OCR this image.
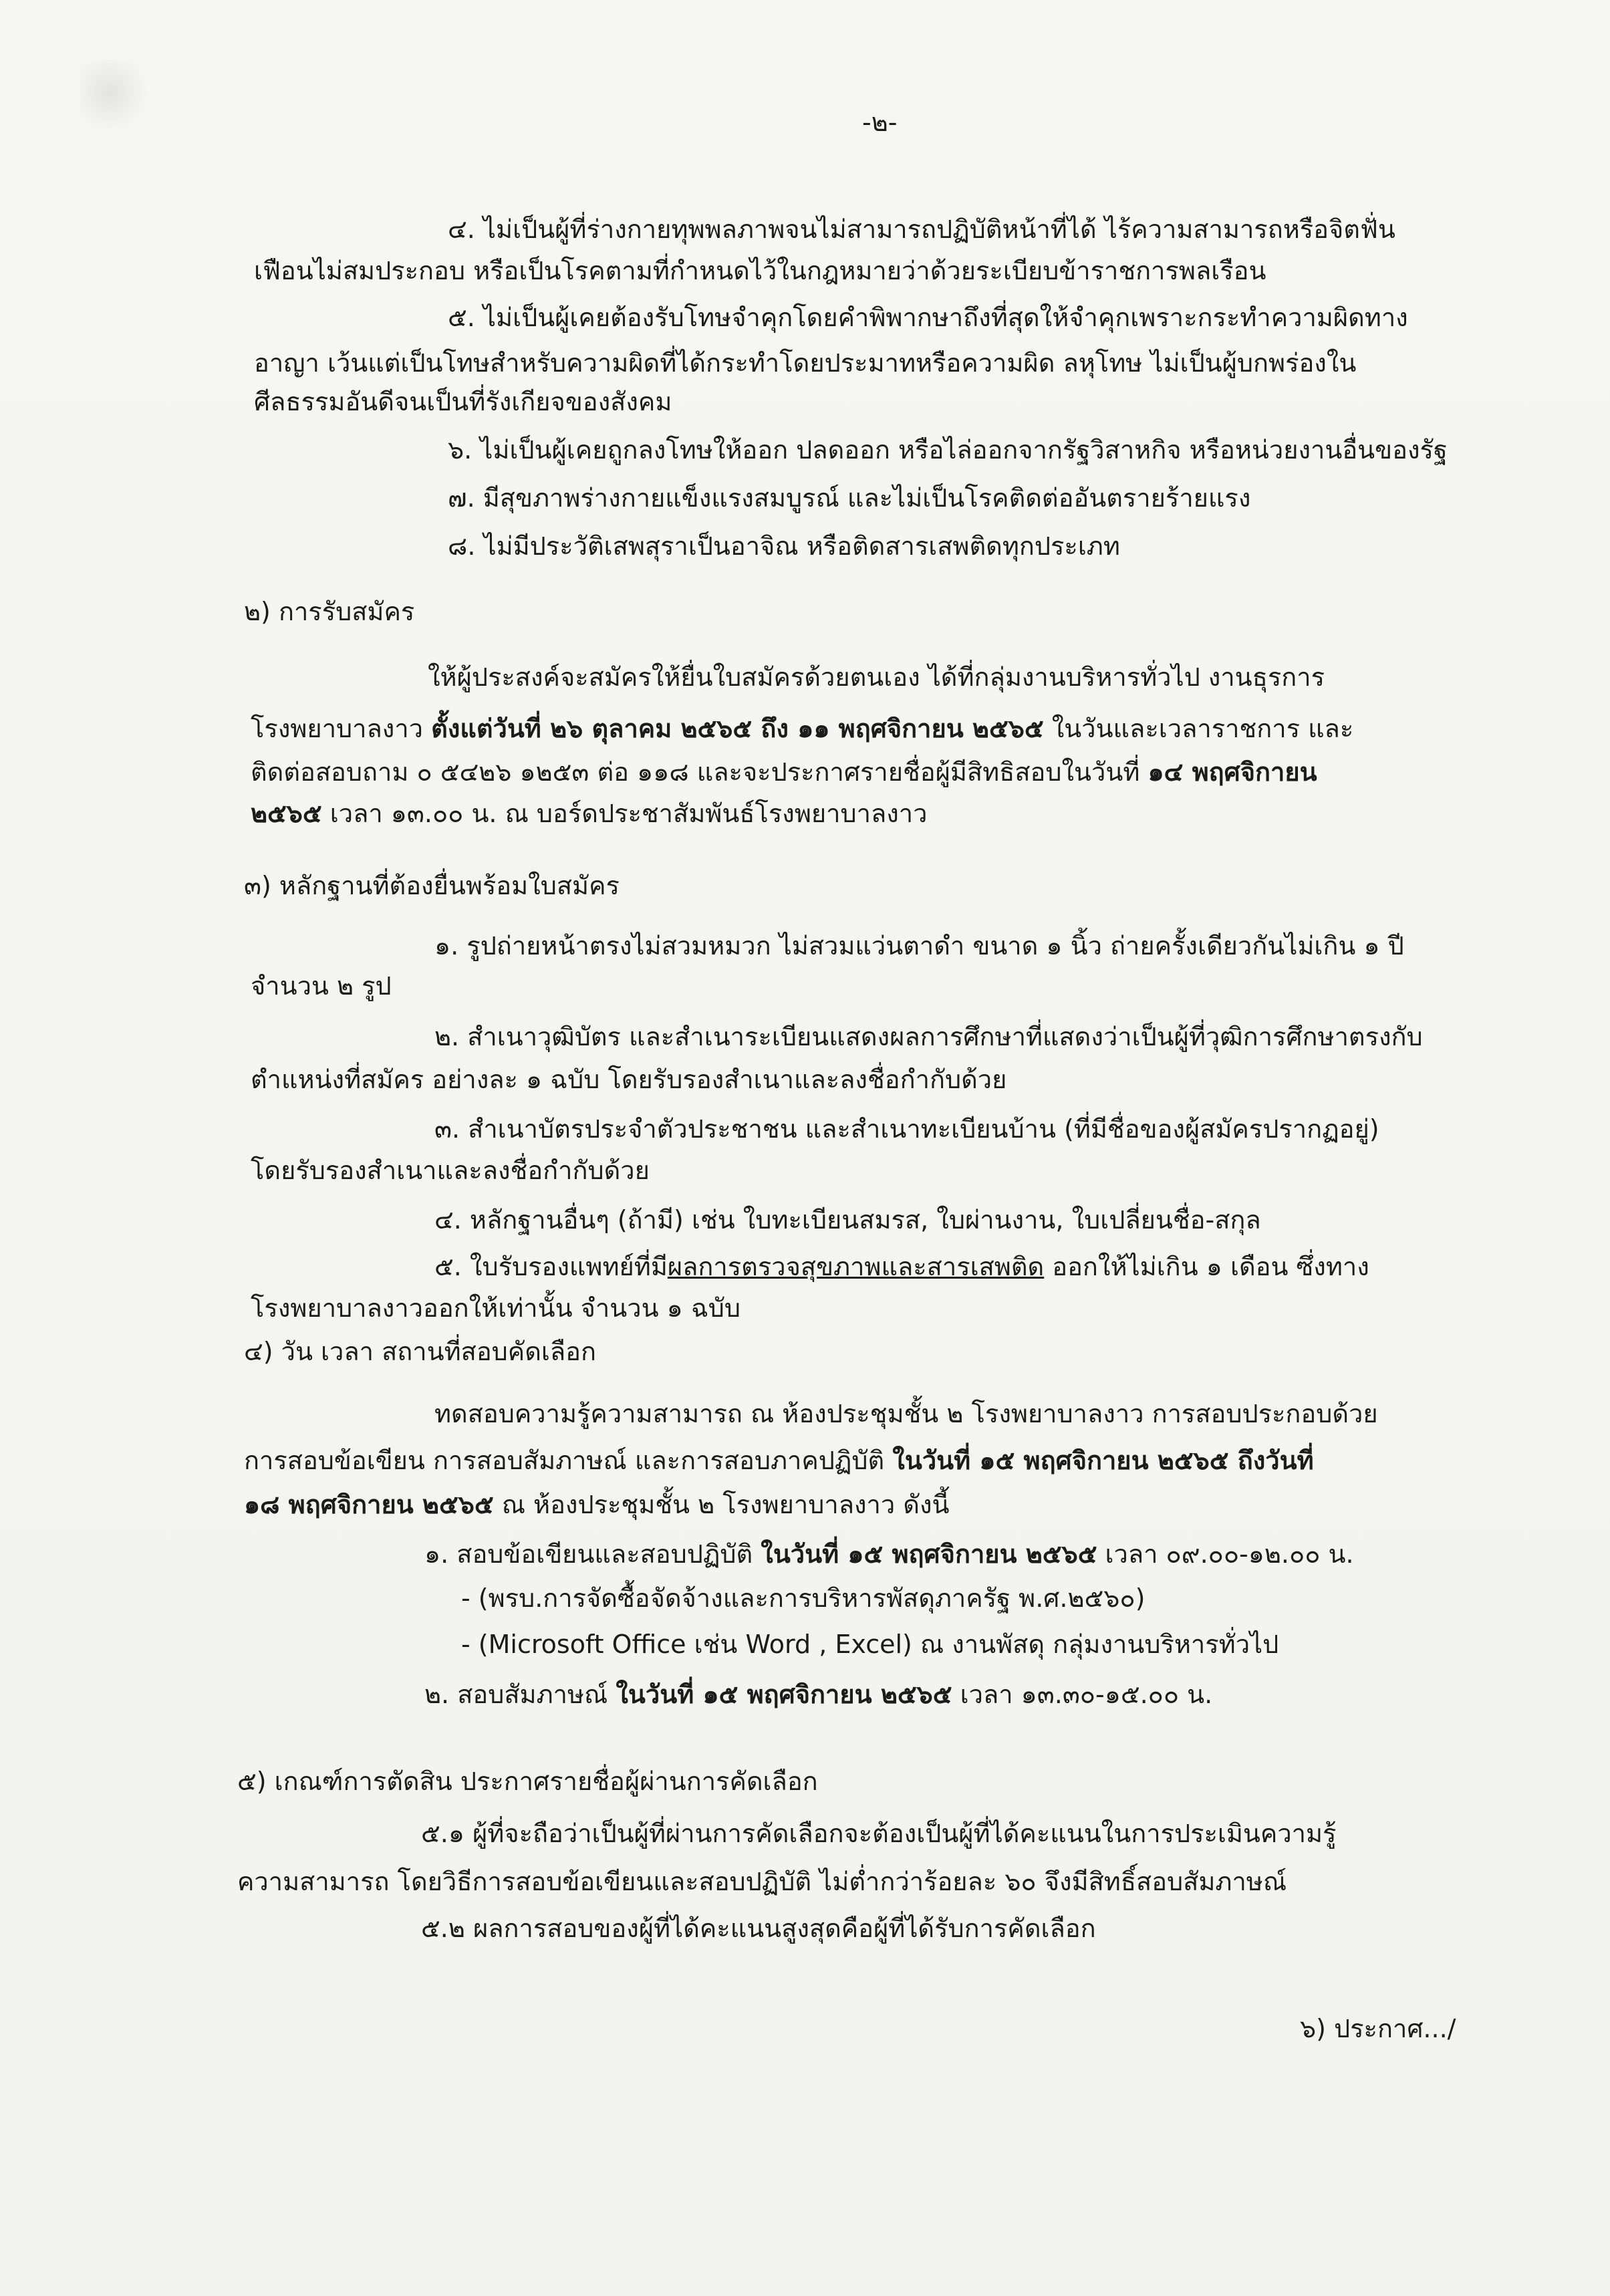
-๒-
๔. ไม่เป็นผู้ที่ร่างกายทุพพลภาพจนไม่สามารถปฏิบัติหน้าที่ได้ ไร้ความสามารถหรือจิตฟั่น
เฟือนไม่สมประกอบ หรือเป็นโรคตามที่กำหนดไว้ในกฎหมายว่าด้วยระเบียบข้าราชการพลเรือน
๕. ไม่เป็นผู้เคยต้องรับโทษจำคุกโดยคำพิพากษาถึงที่สุดให้จำคุกเพราะกระทำความผิดทาง
อาญา เว้นแต่เป็นโทษสำหรับความผิดที่ได้กระทำโดยประมาทหรือความผิด ลหุโทษ ไม่เป็นผู้บกพร่องใน
ศีลธรรมอันดีจนเป็นที่รังเกียจของสังคม
๖. ไม่เป็นผู้เคยถูกลงโทษให้ออก ปลดออก หรือไล่ออกจากรัฐวิสาหกิจ หรือหน่วยงานอื่นของรัฐ
๗. มีสุขภาพร่างกายแข็งแรงสมบูรณ์ และไม่เป็นโรคติดต่ออันตรายร้ายแรง
๘. ไม่มีประวัติเสพสุราเป็นอาจิณ หรือติดสารเสพติดทุกประเภท
๒) การรับสมัคร
ให้ผู้ประสงค์จะสมัครให้ยื่นใบสมัครด้วยตนเอง ได้ที่กลุ่มงานบริหารทั่วไป งานธุรการ
โรงพยาบาลงาว ตั้งแต่วันที่ ๒๖ ตุลาคม ๒๕๖๕ ถึง ๑๑ พฤศจิกายน ๒๕๖๕ ในวันและเวลาราชการ และ
ติดต่อสอบถาม ๐ ๕๔๒๖ ๑๒๕๓ ต่อ ๑๑๘ และจะประกาศรายชื่อผู้มีสิทธิสอบในวันที่ ๑๔ พฤศจิกายน
๒๕๖๕ เวลา ๑๓.๐๐ น. ณ บอร์ดประชาสัมพันธ์โรงพยาบาลงาว
๓) หลักฐานที่ต้องยื่นพร้อมใบสมัคร
๑. รูปถ่ายหน้าตรงไม่สวมหมวก ไม่สวมแว่นตาดำ ขนาด ๑ นิ้ว ถ่ายครั้งเดียวกันไม่เกิน ๑ ปี
จำนวน ๒ รูป
๒. สำเนาวุฒิบัตร และสำเนาระเบียนแสดงผลการศึกษาที่แสดงว่าเป็นผู้ที่วุฒิการศึกษาตรงกับ
ตำแหน่งที่สมัคร อย่างละ ๑ ฉบับ โดยรับรองสำเนาและลงชื่อกำกับด้วย
๓. สำเนาบัตรประจำตัวประชาชน และสำเนาทะเบียนบ้าน (ที่มีชื่อของผู้สมัครปรากฏอยู่)
โดยรับรองสำเนาและลงชื่อกำกับด้วย
๔. หลักฐานอื่นๆ (ถ้ามี) เช่น ใบทะเบียนสมรส, ใบผ่านงาน, ใบเปลี่ยนชื่อ-สกุล
๕. ใบรับรองแพทย์ที่มีผลการตรวจสุขภาพและสารเสพติด ออกให้ไม่เกิน ๑ เดือน ซึ่งทาง
โรงพยาบาลงาวออกให้เท่านั้น จำนวน ๑ ฉบับ
๔) วัน เวลา สถานที่สอบคัดเลือก
ทดสอบความรู้ความสามารถ ณ ห้องประชุมชั้น ๒ โรงพยาบาลงาว การสอบประกอบด้วย
การสอบข้อเขียน การสอบสัมภาษณ์ และการสอบภาคปฏิบัติ ในวันที่ ๑๕ พฤศจิกายน ๒๕๖๕ ถึงวันที่
๑๘ พฤศจิกายน ๒๕๖๕ ณ ห้องประชุมชั้น ๒ โรงพยาบาลงาว ดังนี้
๑. สอบข้อเขียนและสอบปฏิบัติ ในวันที่ ๑๕ พฤศจิกายน ๒๕๖๕ เวลา ๐๙.๐๐-๑๒.๐๐ น.
- (พรบ.การจัดซื้อจัดจ้างและการบริหารพัสดุภาครัฐ พ.ศ.๒๕๖๐)
- (Microsoft Office เช่น Word , Excel) ณ งานพัสดุ กลุ่มงานบริหารทั่วไป
๒. สอบสัมภาษณ์ ในวันที่ ๑๕ พฤศจิกายน ๒๕๖๕ เวลา ๑๓.๓๐-๑๕.๐๐ น.
๕) เกณฑ์การตัดสิน ประกาศรายชื่อผู้ผ่านการคัดเลือก
๕.๑ ผู้ที่จะถือว่าเป็นผู้ที่ผ่านการคัดเลือกจะต้องเป็นผู้ที่ได้คะแนนในการประเมินความรู้
ความสามารถ โดยวิธีการสอบข้อเขียนและสอบปฏิบัติ ไม่ต่ำกว่าร้อยละ ๖๐ จึงมีสิทธิ์สอบสัมภาษณ์
๕.๒ ผลการสอบของผู้ที่ได้คะแนนสูงสุดคือผู้ที่ได้รับการคัดเลือก
๖) ประกาศ.../
